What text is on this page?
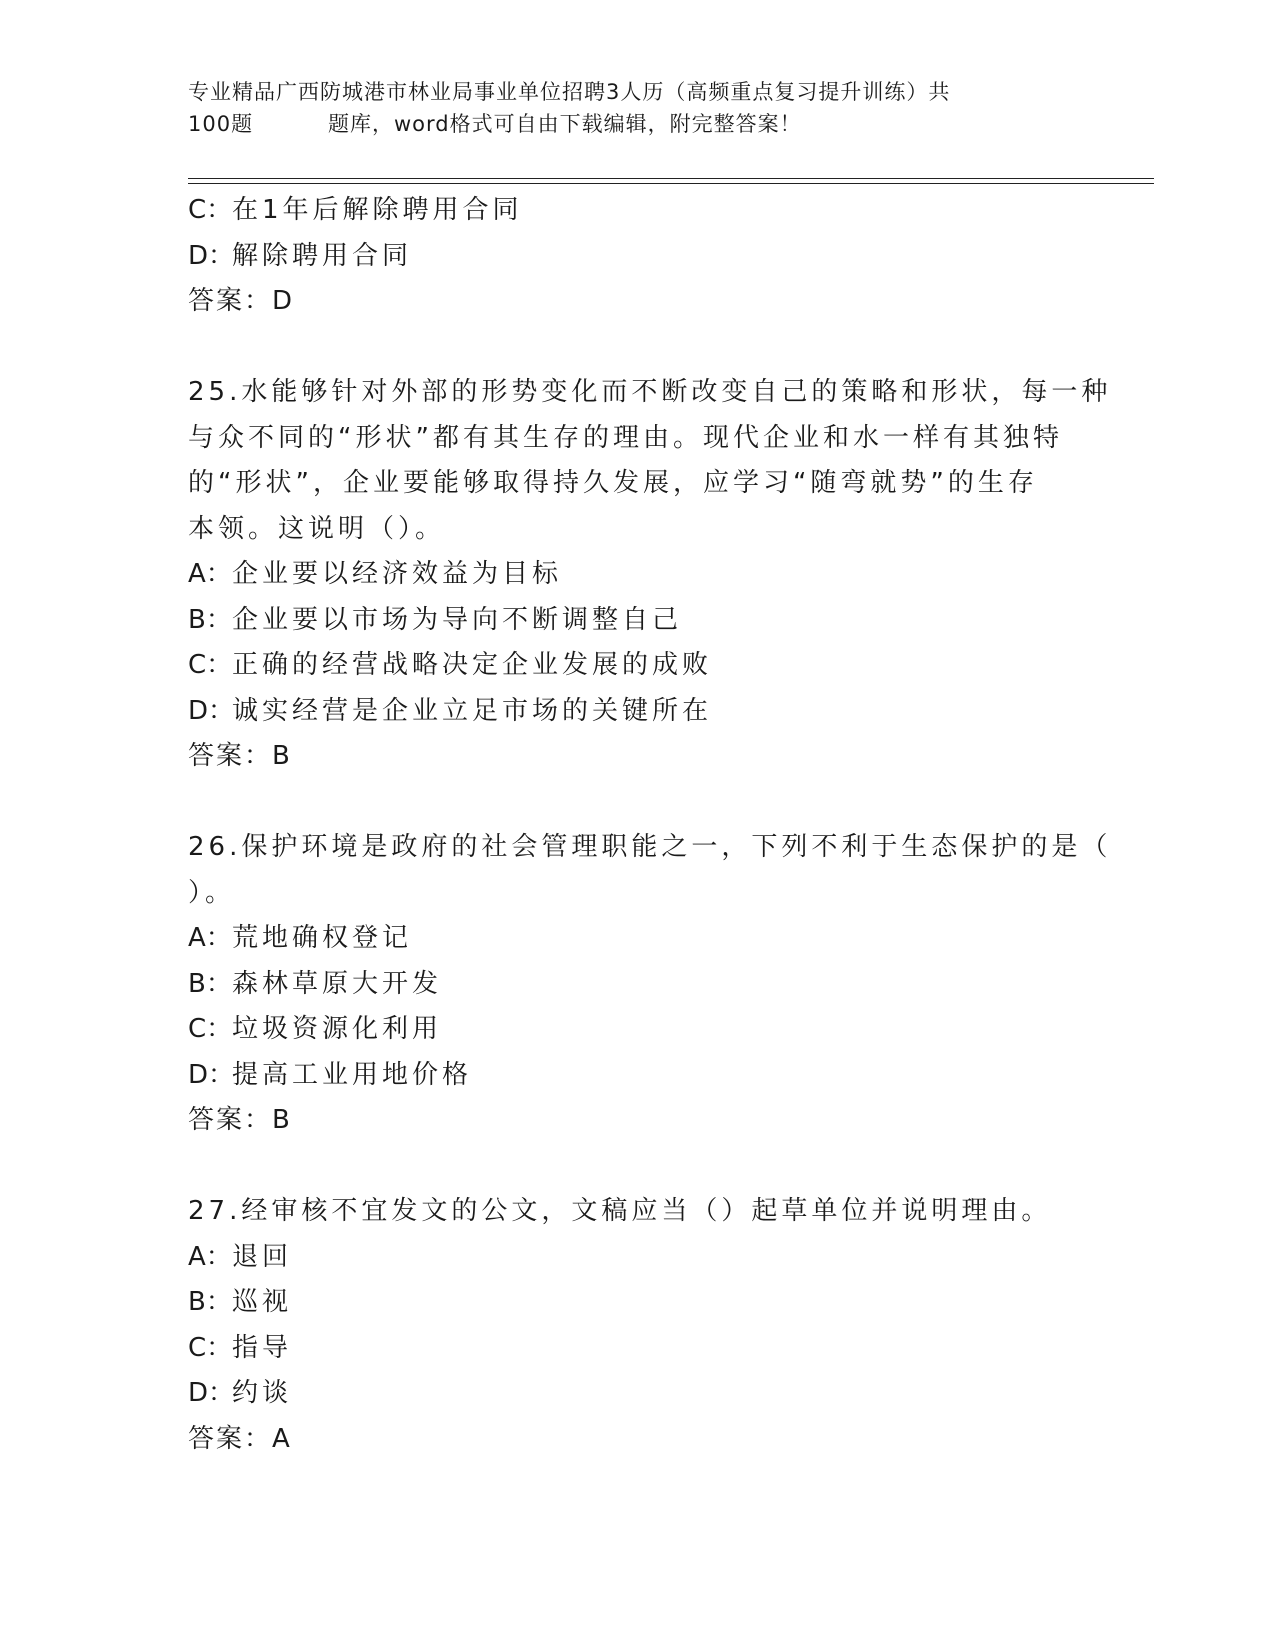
专业精品广西防城港市林业局事业单位招聘3人历（高频重点复习提升训练）共
100题	题库，word格式可自由下载编辑，附完整答案！
C：在1年后解除聘用合同
D：解除聘用合同
答案：D
25.水能够针对外部的形势变化而不断改变自己的策略和形状，每一种
与众不同的“形状”都有其生存的理由。现代企业和水一样有其独特
的“形状”，企业要能够取得持久发展，应学习“随弯就势”的生存
本领。这说明（）。
A：企业要以经济效益为目标
B：企业要以市场为导向不断调整自己
C：正确的经营战略决定企业发展的成败
D：诚实经营是企业立足市场的关键所在
答案：B
26.保护环境是政府的社会管理职能之一，下列不利于生态保护的是（
）。
A：荒地确权登记
B：森林草原大开发
C：垃圾资源化利用
D：提高工业用地价格
答案：B
27.经审核不宜发文的公文，文稿应当（）起草单位并说明理由。
A：退回
B：巡视
C：指导
D：约谈
答案：A
